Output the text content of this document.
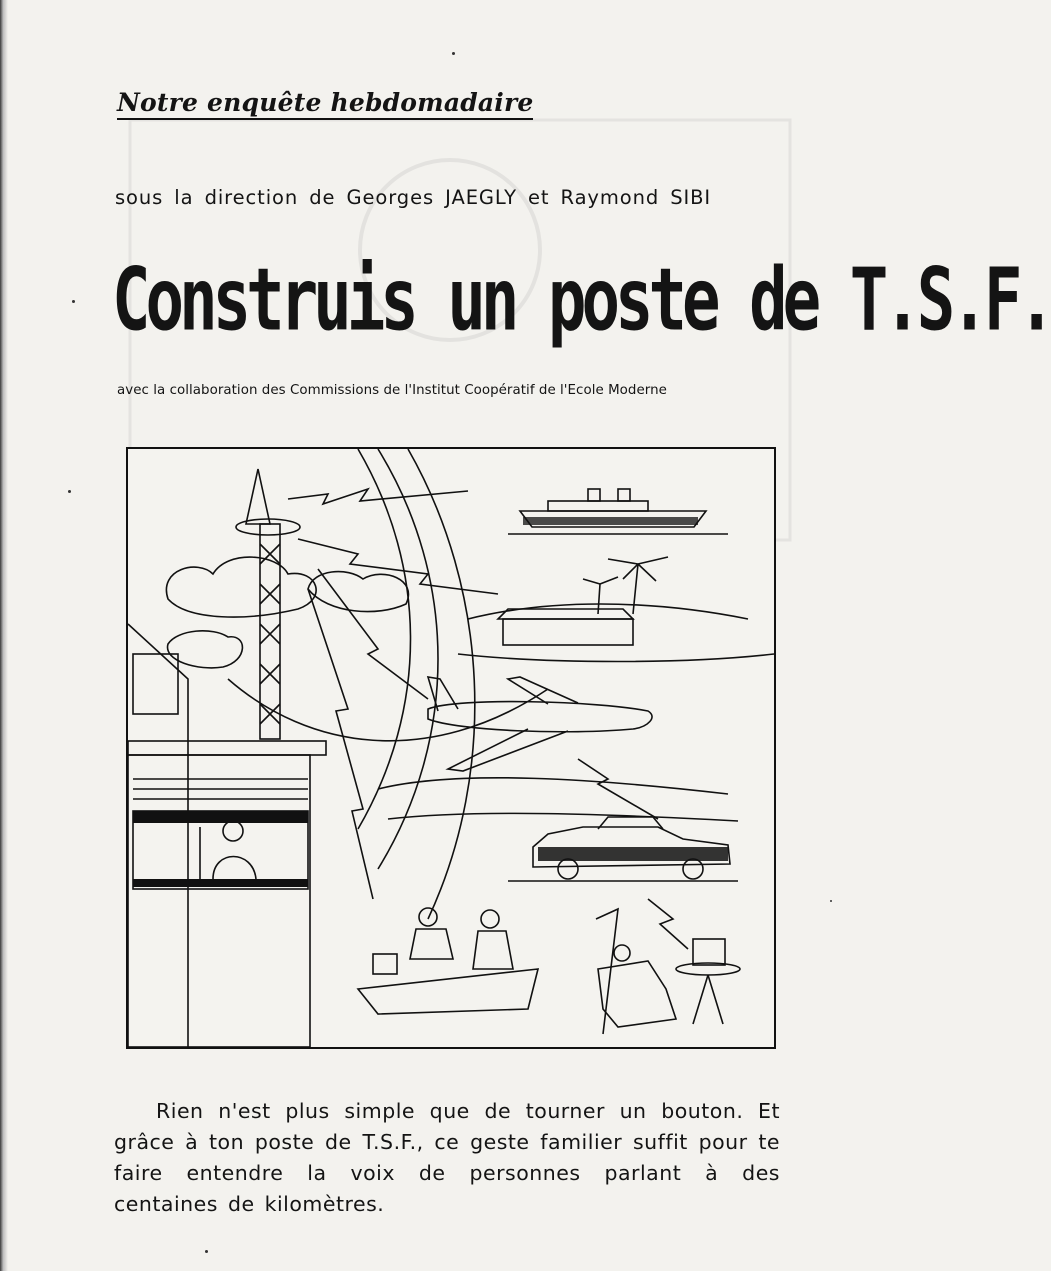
Notre enquête hebdomadaire
sous la direction de Georges JAEGLY et Raymond SIBI
Construis un poste de T.S.F.
avec la collaboration des Commissions de l'Institut Coopératif de l'Ecole Moderne
Rien n'est plus simple que de tourner un bouton. Et grâce à ton poste de T.S.F., ce geste familier suffit pour te faire entendre la voix de personnes parlant à des centaines de kilomètres.
